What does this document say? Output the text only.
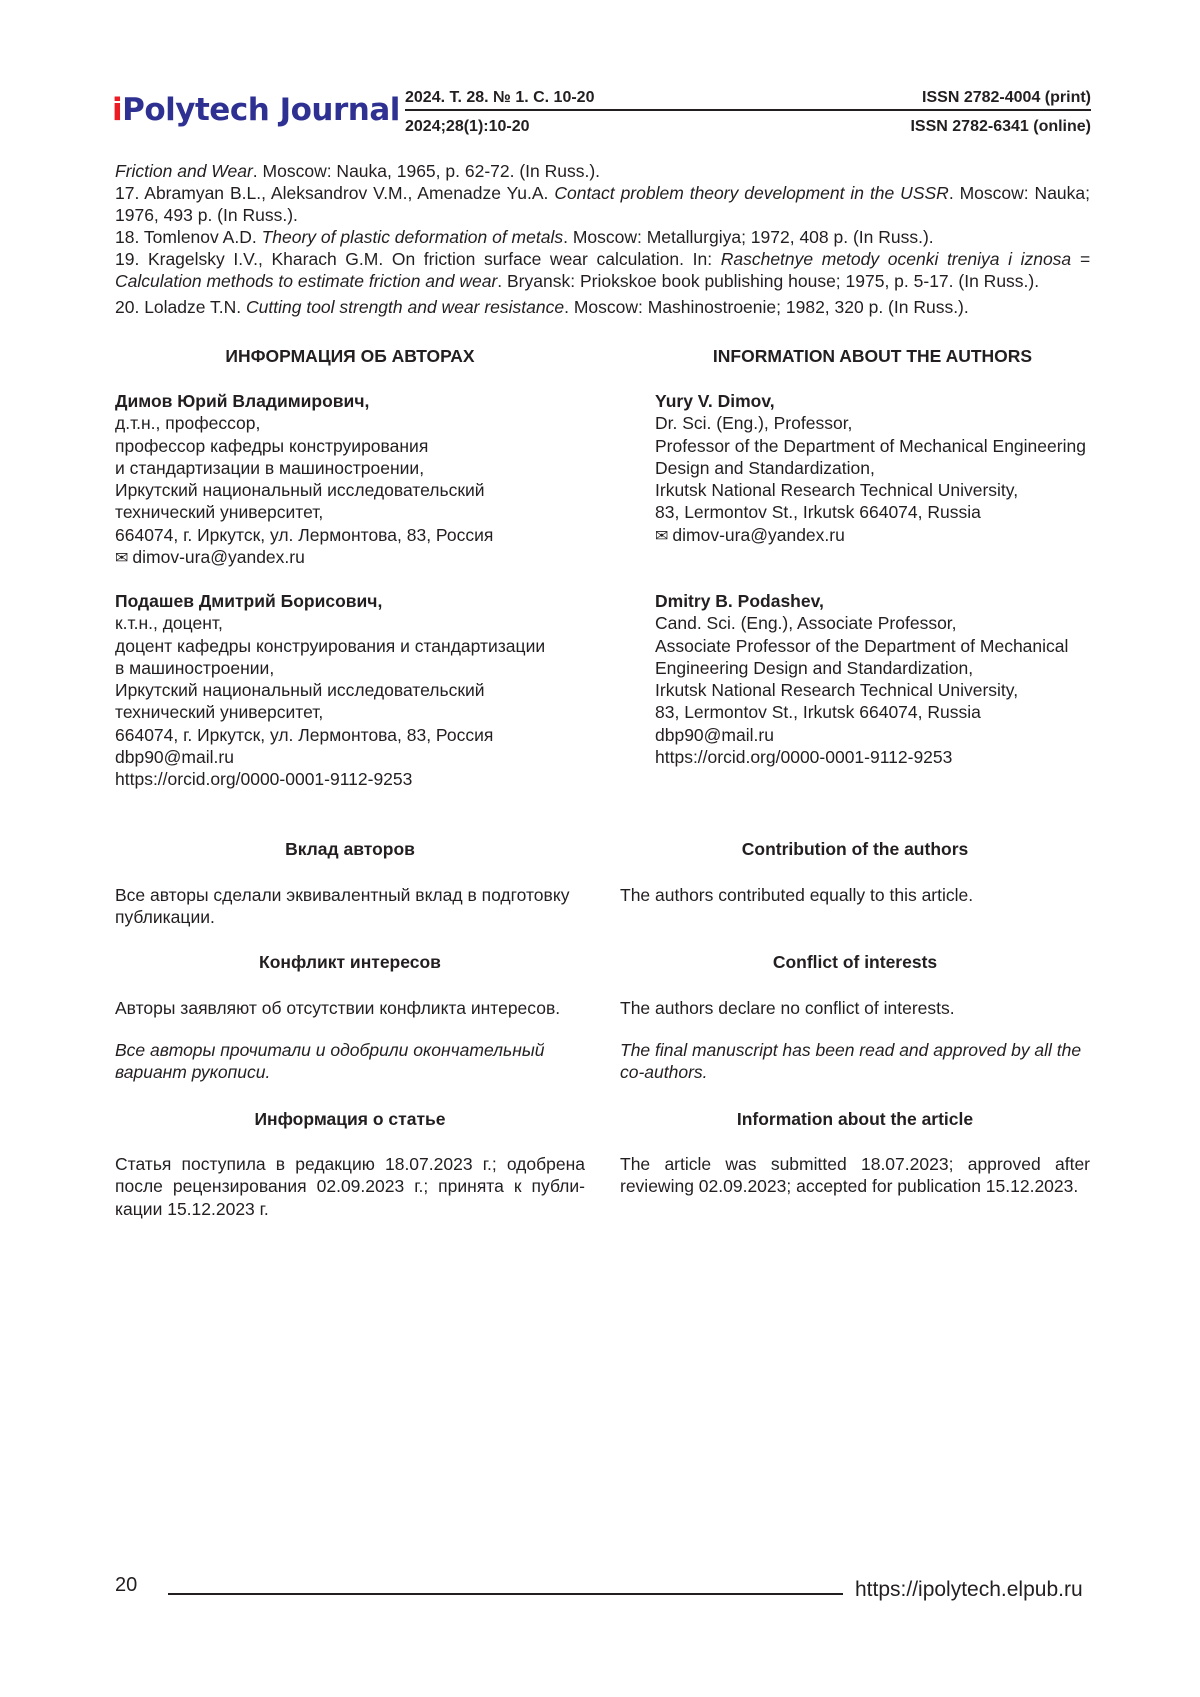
iPolytech Journal 2024. Т. 28. № 1. С. 10-20	ISSN 2782-4004 (print)
2024;28(1):10-20	ISSN 2782-6341 (online)

Friction and Wear. Moscow: Nauka, 1965, p. 62-72. (In Russ.).

17. Abramyan B.L., Aleksandrov V.M., Amenadze Yu.A. Contact problem theory development in the USSR. Moscow: Nauka; 1976, 493 p. (In Russ.).

18. Tomlenov A.D. Theory of plastic deformation of metals. Moscow: Metallurgiya; 1972, 408 p. (In Russ.).

19. Kragelsky I.V., Kharach G.M. On friction surface wear calculation. In: Raschetnye metody ocenki treniya i iznosa = Calculation methods to estimate friction and wear. Bryansk: Priokskoe book publishing house; 1975, p. 5-17. (In Russ.).

20. Loladze T.N. Cutting tool strength and wear resistance. Moscow: Mashinostroenie; 1982, 320 p. (In Russ.).

ИНФОРМАЦИЯ ОБ АВТОРАХ	INFORMATION ABOUT THE AUTHORS

Димов Юрий Владимирович,

д.т.н., профессор,

профессор кафедры конструирования

и стандартизации в машиностроении,

Иркутский национальный исследовательский

технический университет,

664074, г. Иркутск, ул. Лермонтова, 83, Россия

✉ dimov-ura@yandex.ru

Yury V. Dimov,

Dr. Sci. (Eng.), Professor,

Professor of the Department of Mechanical Engineering

Design and Standardization,

Irkutsk National Research Technical University,

83, Lermontov St., Irkutsk 664074, Russia

✉ dimov-ura@yandex.ru

Подашев Дмитрий Борисович,

к.т.н., доцент,

доцент кафедры конструирования и стандартизации

в машиностроении,

Иркутский национальный исследовательский

технический университет,

664074, г. Иркутск, ул. Лермонтова, 83, Россия

dbp90@mail.ru

https://orcid.org/0000-0001-9112-9253

Dmitry B. Podashev,

Cand. Sci. (Eng.), Associate Professor,

Associate Professor of the Department of Mechanical

Engineering Design and Standardization,

Irkutsk National Research Technical University,

83, Lermontov St., Irkutsk 664074, Russia

dbp90@mail.ru

https://orcid.org/0000-0001-9112-9253

Вклад авторов	Contribution of the authors
Все авторы сделали эквивалентный вклад в подготовку публикации.
The authors contributed equally to this article.
Конфликт интересов	Conflict of interests
Авторы заявляют об отсутствии конфликта интересов.	The authors declare no conflict of interests.
Все авторы прочитали и одобрили окончательный вариант рукописи.
The final manuscript has been read and approved by all the co-authors.
Информация о статье	Information about the article
Статья поступила в редакцию 18.07.2023 г.; одобрена после рецензирования 02.09.2023 г.; принята к публи-кации 15.12.2023 г.
The article was submitted 18.07.2023; approved after reviewing 02.09.2023; accepted for publication 15.12.2023.
20	https://ipolytech.elpub.ru
